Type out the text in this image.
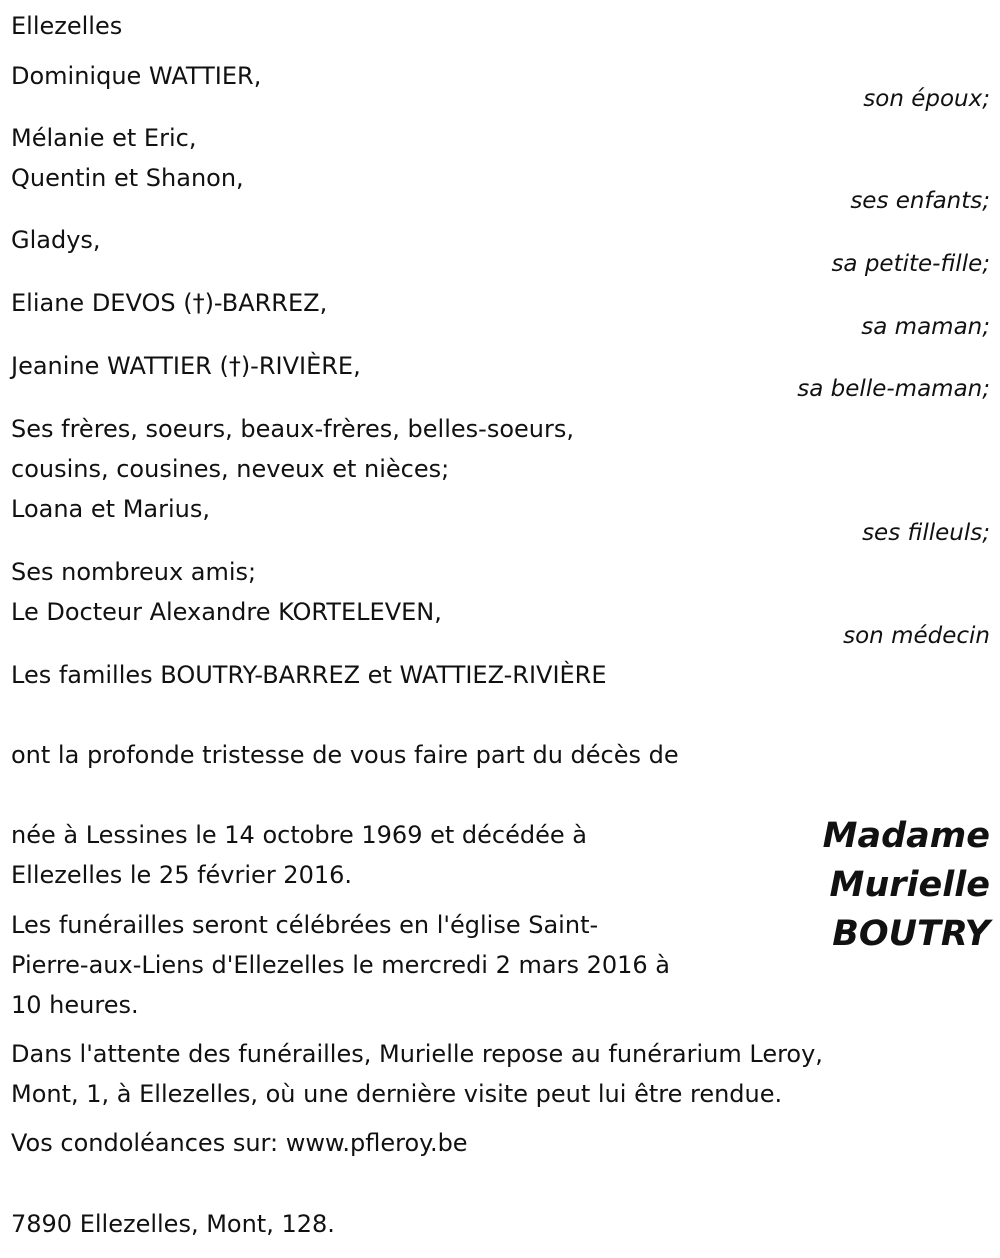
Ellezelles
Dominique WATTIER,
son époux;
Mélanie et Eric,
Quentin et Shanon,
ses enfants;
Gladys,
sa petite-fille;
Eliane DEVOS (†)-BARREZ,
sa maman;
Jeanine WATTIER (†)-RIVIÈRE,
sa belle-maman;
Ses frères, soeurs, beaux-frères, belles-soeurs,
cousins, cousines, neveux et nièces;
Loana et Marius,
ses filleuls;
Ses nombreux amis;
Le Docteur Alexandre KORTELEVEN,
son médecin
Les familles BOUTRY-BARREZ et WATTIEZ-RIVIÈRE
ont la profonde tristesse de vous faire part du décès de
Madame
Murielle
BOUTRY
née à Lessines le 14 octobre 1969 et décédée à
Ellezelles le 25 février 2016.
Les funérailles seront célébrées en l'église Saint-
Pierre-aux-Liens d'Ellezelles le mercredi 2 mars 2016 à
10 heures.
Dans l'attente des funérailles, Murielle repose au funérarium Leroy,
Mont, 1, à Ellezelles, où une dernière visite peut lui être rendue.
Vos condoléances sur: www.pfleroy.be
7890 Ellezelles, Mont, 128.
